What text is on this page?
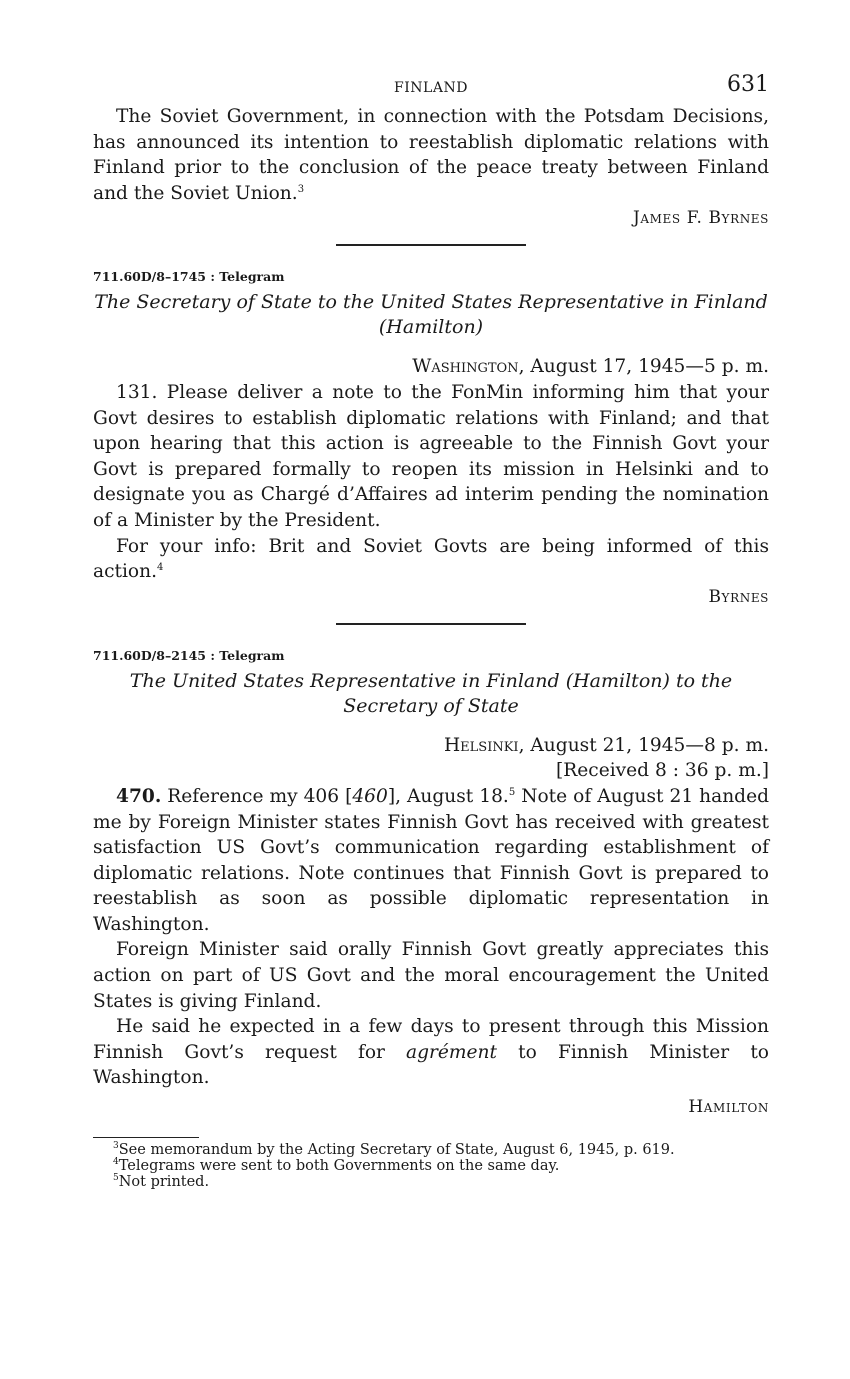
FINLAND	631

The Soviet Government, in connection with the Potsdam Decisions, has announced its intention to reestablish diplomatic relations with Finland prior to the conclusion of the peace treaty between Finland and the Soviet Union.$^3$

James F. Byrnes
711.60D/8–1745 : Telegram
The Secretary of State to the United States Representative in Finland
(Hamilton)
Washington, August 17, 1945—5 p. m.

131. Please deliver a note to the FonMin informing him that your Govt desires to establish diplomatic relations with Finland; and that upon hearing that this action is agreeable to the Finnish Govt your Govt is prepared formally to reopen its mission in Helsinki and to designate you as Chargé d’Affaires ad interim pending the nomination of a Minister by the President.

For your info: Brit and Soviet Govts are being informed of this action.$^4$

Byrnes
711.60D/8–2145 : Telegram
The United States Representative in Finland (Hamilton) to the
Secretary of State
Helsinki, August 21, 1945—8 p. m.
[Received 8 : 36 p. m.]

470. Reference my 406 [460], August 18.$^5$ Note of August 21 handed me by Foreign Minister states Finnish Govt has received with greatest satisfaction US Govt’s communication regarding establishment of diplomatic relations. Note continues that Finnish Govt is prepared to reestablish as soon as possible diplomatic representation in Washington.

Foreign Minister said orally Finnish Govt greatly appreciates this action on part of US Govt and the moral encouragement the United States is giving Finland.

He said he expected in a few days to present through this Mission Finnish Govt’s request for agrément to Finnish Minister to Washington.

Hamilton
$^3$See memorandum by the Acting Secretary of State, August 6, 1945, p. 619.
$^4$Telegrams were sent to both Governments on the same day.
$^5$Not printed.
